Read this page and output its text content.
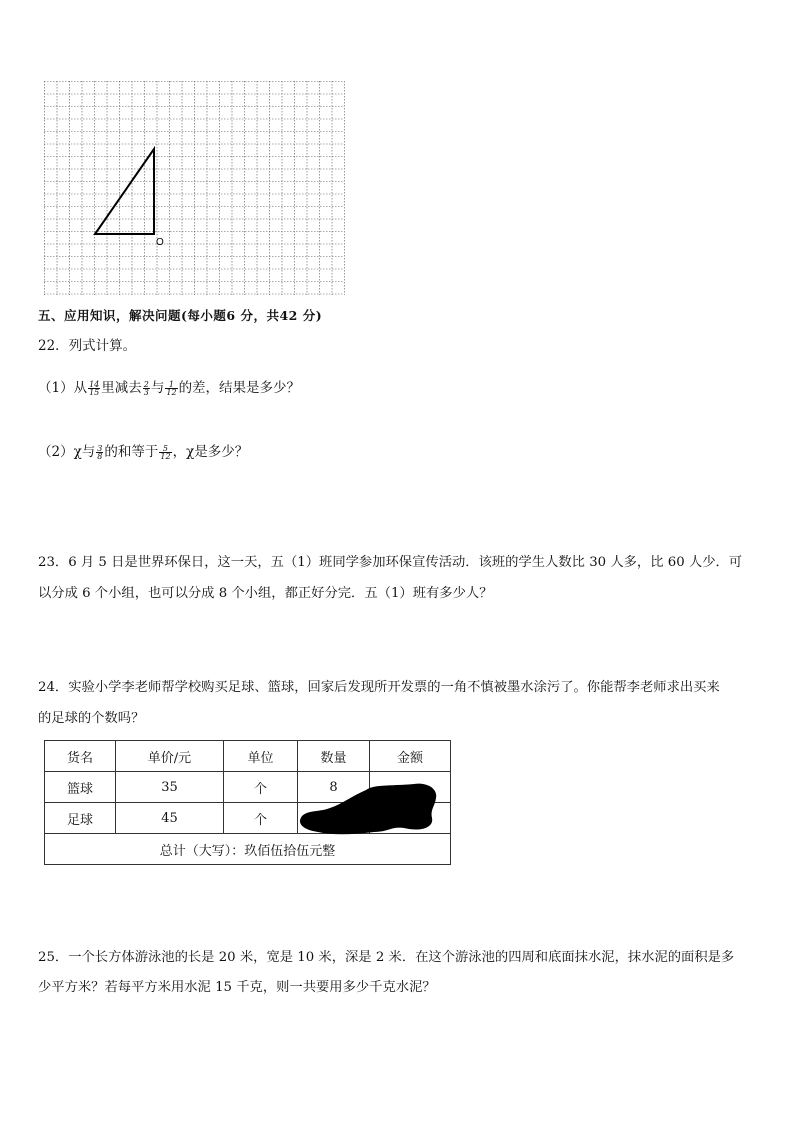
O
五、应用知识，解决问题(每小题6 分，共42 分)
22．列式计算。
（1）从 $\frac{14}{15}$ 里减去 $\frac{2}{3}$ 与 $\frac{1}{12}$ 的差，结果是多少？
（2）χ与 $\frac{3}{8}$ 的和等于 $\frac{5}{12}$ ，χ是多少？
23．6 月 5 日是世界环保日，这一天，五（1）班同学参加环保宣传活动．该班的学生人数比 30 人多，比 60 人少．可
以分成 6 个小组，也可以分成 8 个小组，都正好分完．五（1）班有多少人？
24．实验小学李老师帮学校购买足球、篮球，回家后发现所开发票的一角不慎被墨水涂污了。你能帮李老师求出买来
的足球的个数吗？
货名	单价/元	单位	数量	金额
篮球	35	个	8	
足球	45	个		
总计（大写）：玖佰伍拾伍元整				
25．一个长方体游泳池的长是 20 米，宽是 10 米，深是 2 米．在这个游泳池的四周和底面抹水泥，抹水泥的面积是多
少平方米？若每平方米用水泥 15 千克，则一共要用多少千克水泥？
